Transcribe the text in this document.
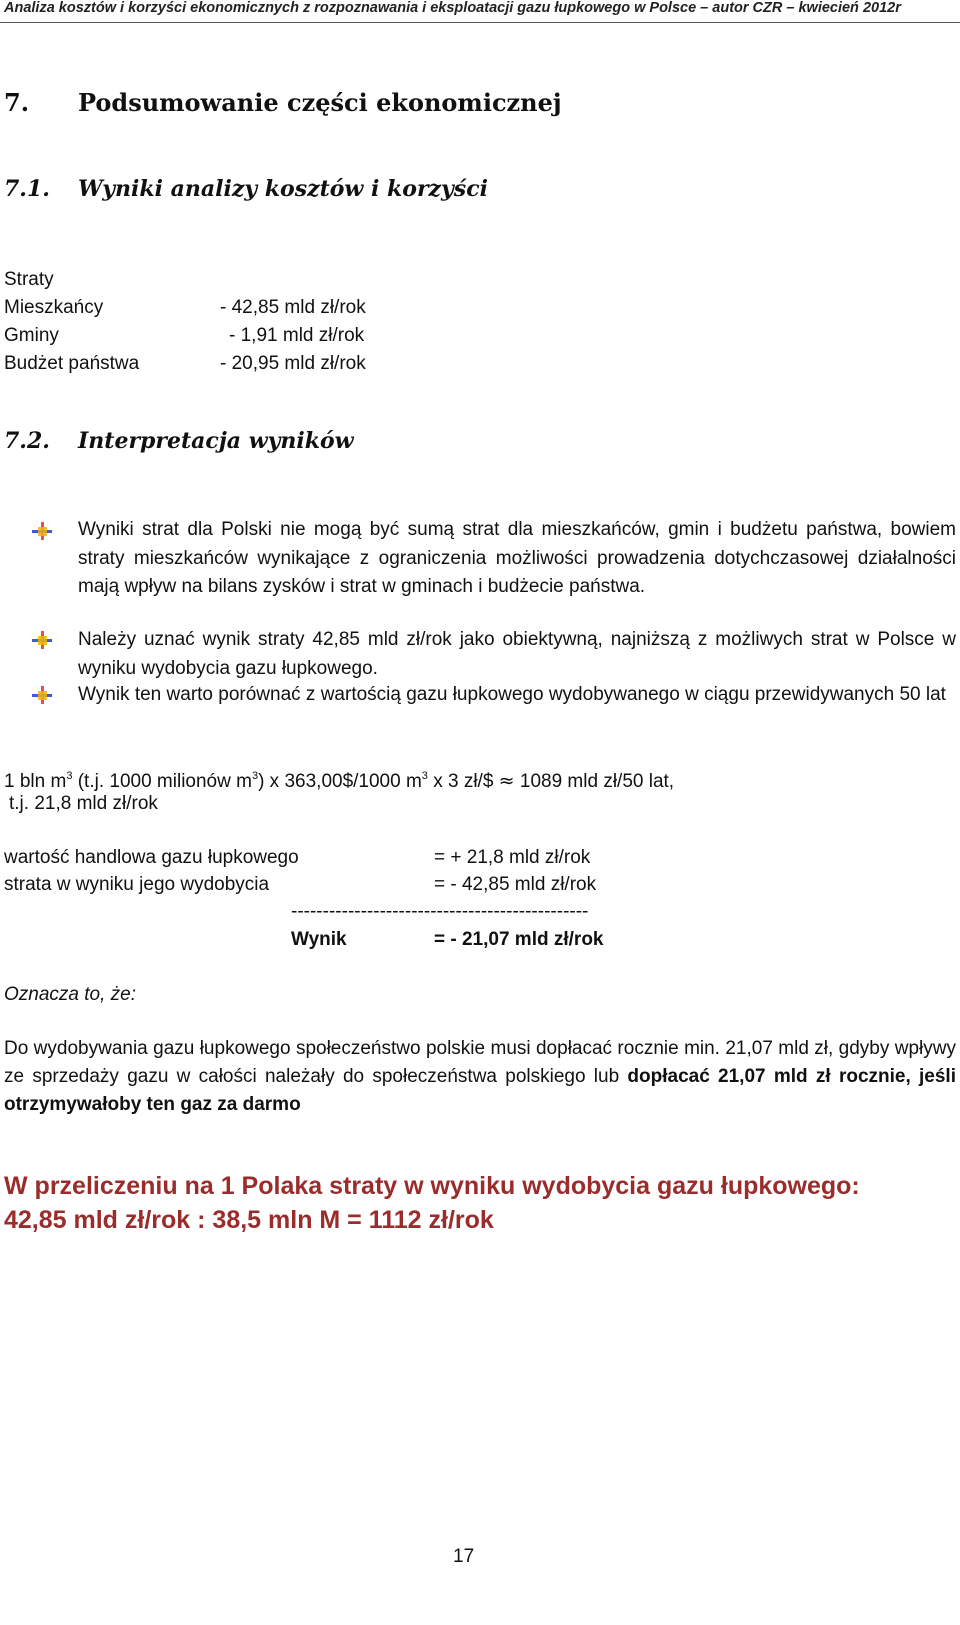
Analiza kosztów i korzyści ekonomicznych z rozpoznawania i eksploatacji gazu łupkowego w Polsce – autor CZR – kwiecień 2012r
7. Podsumowanie części ekonomicznej
7.1. Wyniki analizy kosztów i korzyści
Straty
Mieszkańcy	- 42,85 mld zł/rok
Gminy	- 1,91 mld zł/rok
Budżet państwa	- 20,95 mld zł/rok
7.2. Interpretacja wyników
Wyniki strat dla Polski nie mogą być sumą strat dla mieszkańców, gmin i budżetu państwa, bowiem straty mieszkańców wynikające z ograniczenia możliwości prowadzenia dotychczasowej działalności mają wpływ na bilans zysków i strat w gminach i budżecie państwa.
Należy uznać wynik straty 42,85 mld zł/rok jako obiektywną, najniższą z możliwych strat w Polsce w wyniku wydobycia gazu łupkowego.
Wynik ten warto porównać z wartością gazu łupkowego wydobywanego w ciągu przewidywanych 50 lat
1 bln $m^3$ (t.j. 1000 milionów $m^3$) x 363,00$/1000 $m^3$ x 3 zł/$ ≈ 1089 mld zł/50 lat,
t.j. 21,8 mld zł/rok
wartość handlowa gazu łupkowego	= + 21,8 mld zł/rok
strata w wyniku jego wydobycia	= - 42,85 mld zł/rok
-----------------------------------------------
Wynik	= - 21,07 mld zł/rok
Oznacza to, że:
Do wydobywania gazu łupkowego społeczeństwo polskie musi dopłacać rocznie min. 21,07 mld zł, gdyby wpływy ze sprzedaży gazu w całości należały do społeczeństwa polskiego lub dopłacać 21,07 mld zł rocznie, jeśli otrzymywałoby ten gaz za darmo
W przeliczeniu na 1 Polaka straty w wyniku wydobycia gazu łupkowego:
42,85 mld zł/rok : 38,5 mln M = 1112 zł/rok
17
